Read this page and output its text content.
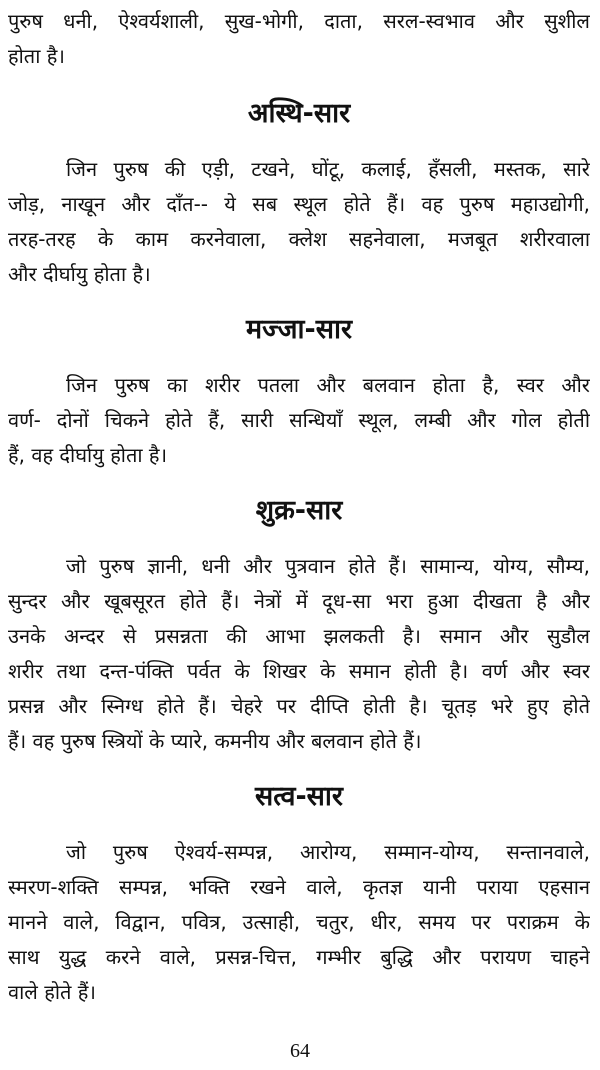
पुरुष धनी, ऐश्वर्यशाली, सुख-भोगी, दाता, सरल-स्वभाव और सुशील
होता है।
अस्थि-सार
जिन पुरुष की एड़ी, टखने, घोंटू, कलाई, हँसली, मस्तक, सारे
जोड़, नाखून और दाँत-- ये सब स्थूल होते हैं। वह पुरुष महाउद्योगी,
तरह-तरह के काम करनेवाला, क्लेश सहनेवाला, मजबूत शरीरवाला
और दीर्घायु होता है।
मज्जा-सार
जिन पुरुष का शरीर पतला और बलवान होता है, स्वर और
वर्ण- दोनों चिकने होते हैं, सारी सन्धियाँ स्थूल, लम्बी और गोल होती
हैं, वह दीर्घायु होता है।
शुक्र-सार
जो पुरुष ज्ञानी, धनी और पुत्रवान होते हैं। सामान्य, योग्य, सौम्य,
सुन्दर और खूबसूरत होते हैं। नेत्रों में दूध-सा भरा हुआ दीखता है और
उनके अन्दर से प्रसन्नता की आभा झलकती है। समान और सुडौल
शरीर तथा दन्त-पंक्ति पर्वत के शिखर के समान होती है। वर्ण और स्वर
प्रसन्न और स्निग्ध होते हैं। चेहरे पर दीप्ति होती है। चूतड़ भरे हुए होते
हैं। वह पुरुष स्त्रियों के प्यारे, कमनीय और बलवान होते हैं।
सत्व-सार
जो पुरुष ऐश्वर्य-सम्पन्न, आरोग्य, सम्मान-योग्य, सन्तानवाले,
स्मरण-शक्ति सम्पन्न, भक्ति रखने वाले, कृतज्ञ यानी पराया एहसान
मानने वाले, विद्वान, पवित्र, उत्साही, चतुर, धीर, समय पर पराक्रम के
साथ युद्ध करने वाले, प्रसन्न-चित्त, गम्भीर बुद्धि और परायण चाहने
वाले होते हैं।
64
